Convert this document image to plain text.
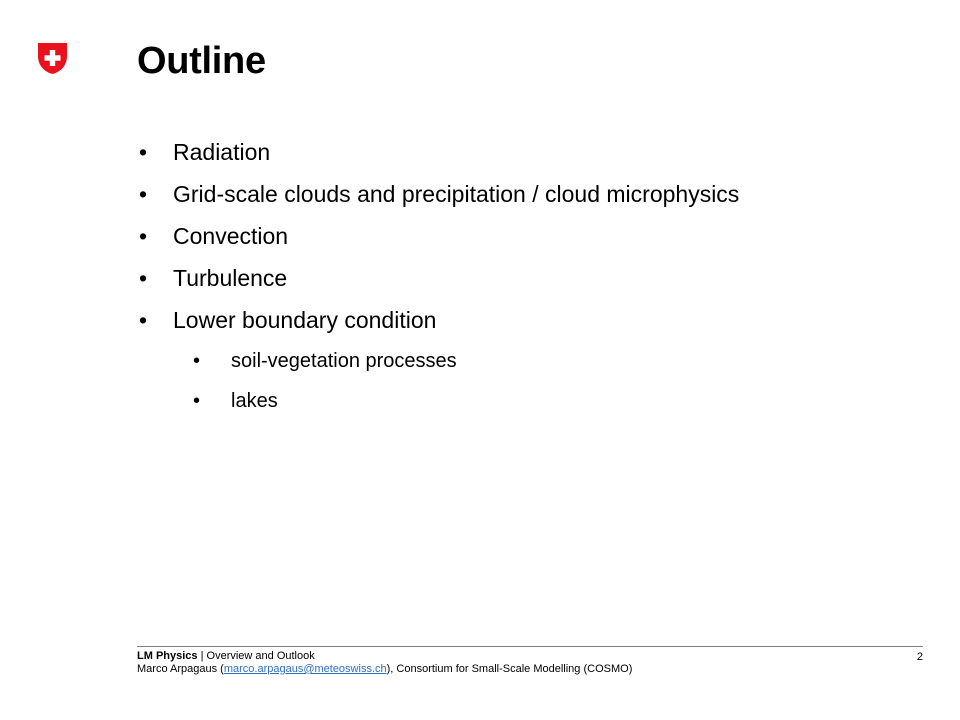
Outline
• Radiation
• Grid-scale clouds and precipitation / cloud microphysics
• Convection
• Turbulence
• Lower boundary condition
• soil-vegetation processes
• lakes
LM Physics | Overview and Outlook
Marco Arpagaus (marco.arpagaus@meteoswiss.ch), Consortium for Small-Scale Modelling (COSMO)
2
